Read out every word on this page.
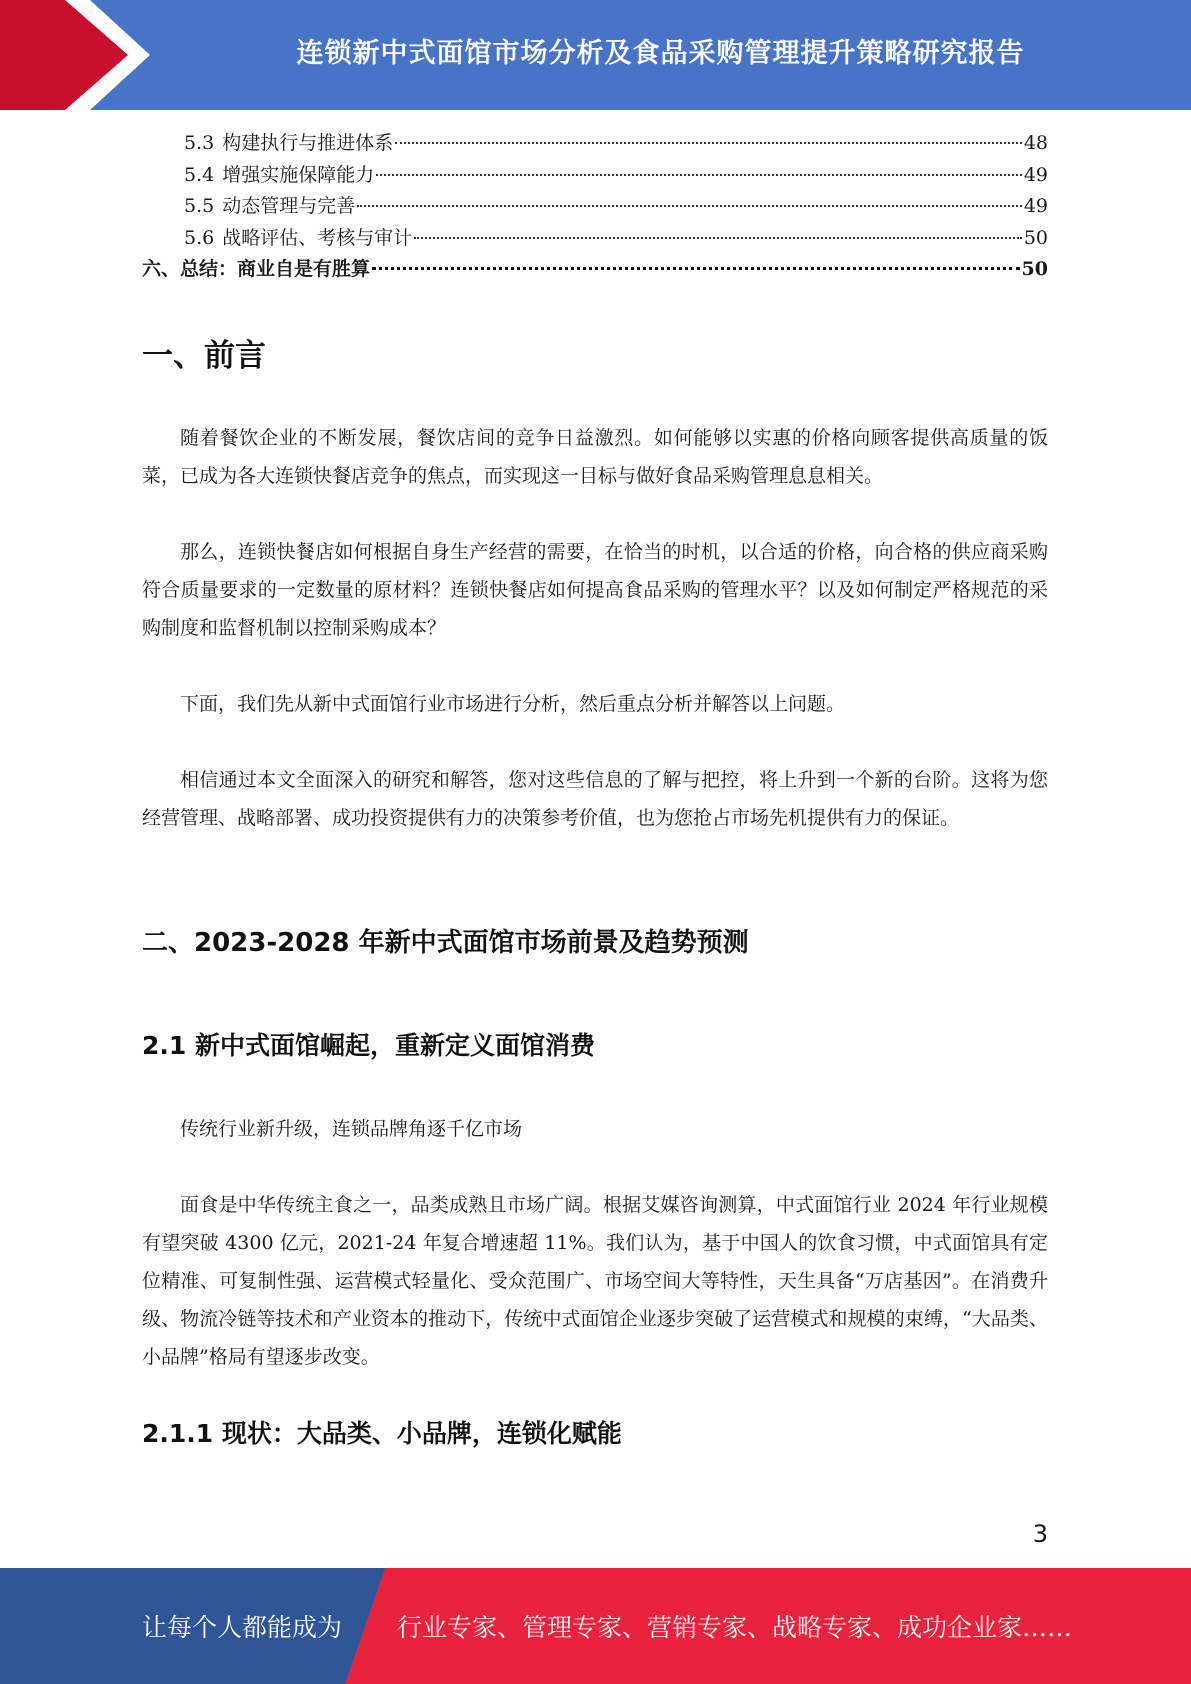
连锁新中式面馆市场分析及食品采购管理提升策略研究报告
5.3 构建执行与推进体系	48
5.4 增强实施保障能力	49
5.5 动态管理与完善	49
5.6 战略评估、考核与审计	50
六、总结：商业自是有胜算	50
一、前言

随着餐饮企业的不断发展，餐饮店间的竞争日益激烈。如何能够以实惠的价格向顾客提供高质量的饭菜，已成为各大连锁快餐店竞争的焦点，而实现这一目标与做好食品采购管理息息相关。

那么，连锁快餐店如何根据自身生产经营的需要，在恰当的时机，以合适的价格，向合格的供应商采购符合质量要求的一定数量的原材料？连锁快餐店如何提高食品采购的管理水平？以及如何制定严格规范的采购制度和监督机制以控制采购成本？

下面，我们先从新中式面馆行业市场进行分析，然后重点分析并解答以上问题。

相信通过本文全面深入的研究和解答，您对这些信息的了解与把控，将上升到一个新的台阶。这将为您经营管理、战略部署、成功投资提供有力的决策参考价值，也为您抢占市场先机提供有力的保证。

二、2023-2028 年新中式面馆市场前景及趋势预测
2.1 新中式面馆崛起，重新定义面馆消费

传统行业新升级，连锁品牌角逐千亿市场

面食是中华传统主食之一，品类成熟且市场广阔。根据艾媒咨询测算，中式面馆行业 2024 年行业规模有望突破 4300 亿元，2021-24 年复合增速超 11%。我们认为，基于中国人的饮食习惯，中式面馆具有定位精准、可复制性强、运营模式轻量化、受众范围广、市场空间大等特性，天生具备“万店基因”。在消费升级、物流冷链等技术和产业资本的推动下，传统中式面馆企业逐步突破了运营模式和规模的束缚，“大品类、小品牌”格局有望逐步改变。

2.1.1 现状：大品类、小品牌，连锁化赋能
3
让每个人都能成为 行业专家、管理专家、营销专家、战略专家、成功企业家……
